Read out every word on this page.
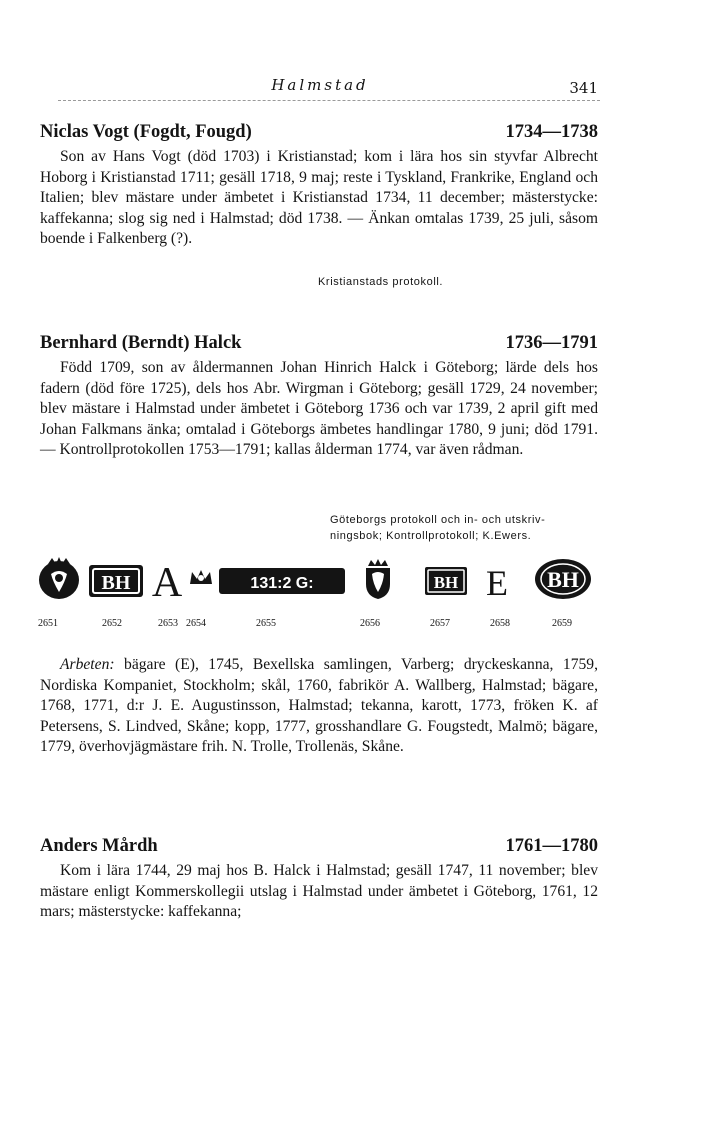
Halmstad	341
Niclas Vogt (Fogdt, Fougd)	1734—1738

Son av Hans Vogt (död 1703) i Kristianstad; kom i lära hos sin styvfar Albrecht Hoborg i Kristianstad 1711; gesäll 1718, 9 maj; reste i Tyskland, Frankrike, England och Italien; blev mästare under ämbetet i Kristianstad 1734, 11 december; mästerstycke: kaffekanna; slog sig ned i Halmstad; död 1738. — Änkan omtalas 1739, 25 juli, såsom boende i Falkenberg (?).

Kristianstads protokoll.
Bernhard (Berndt) Halck	1736—1791

Född 1709, son av åldermannen Johan Hinrich Halck i Göteborg; lärde dels hos fadern (död före 1725), dels hos Abr. Wirgman i Göteborg; gesäll 1729, 24 november; blev mästare i Halmstad under ämbetet i Göteborg 1736 och var 1739, 2 april gift med Johan Falkmans änka; omtalad i Göteborgs ämbetes handlingar 1780, 9 juni; död 1791. — Kontrollprotokollen 1753—1791; kallas ålderman 1774, var även rådman.

Göteborgs protokoll och in- och utskriv-
ningsbok; Kontrollprotokoll; K.Ewers.
BH A	131:2 G:	BH E BH
2651	2652	2653 2654	2655	2656	2657	2658	2659

Arbeten: bägare (E), 1745, Bexellska samlingen, Varberg; dryckeskanna, 1759, Nordiska Kompaniet, Stockholm; skål, 1760, fabrikör A. Wallberg, Halmstad; bägare, 1768, 1771, d:r J. E. Augustinsson, Halmstad; tekanna, karott, 1773, fröken K. af Petersens, S. Lindved, Skåne; kopp, 1777, grosshandlare G. Fougstedt, Malmö; bägare, 1779, överhovjägmästare frih. N. Trolle, Trollenäs, Skåne.

Anders Mårdh	1761—1780

Kom i lära 1744, 29 maj hos B. Halck i Halmstad; gesäll 1747, 11 november; blev mästare enligt Kommerskollegii utslag i Halmstad under ämbetet i Göteborg, 1761, 12 mars; mästerstycke: kaffekanna;
